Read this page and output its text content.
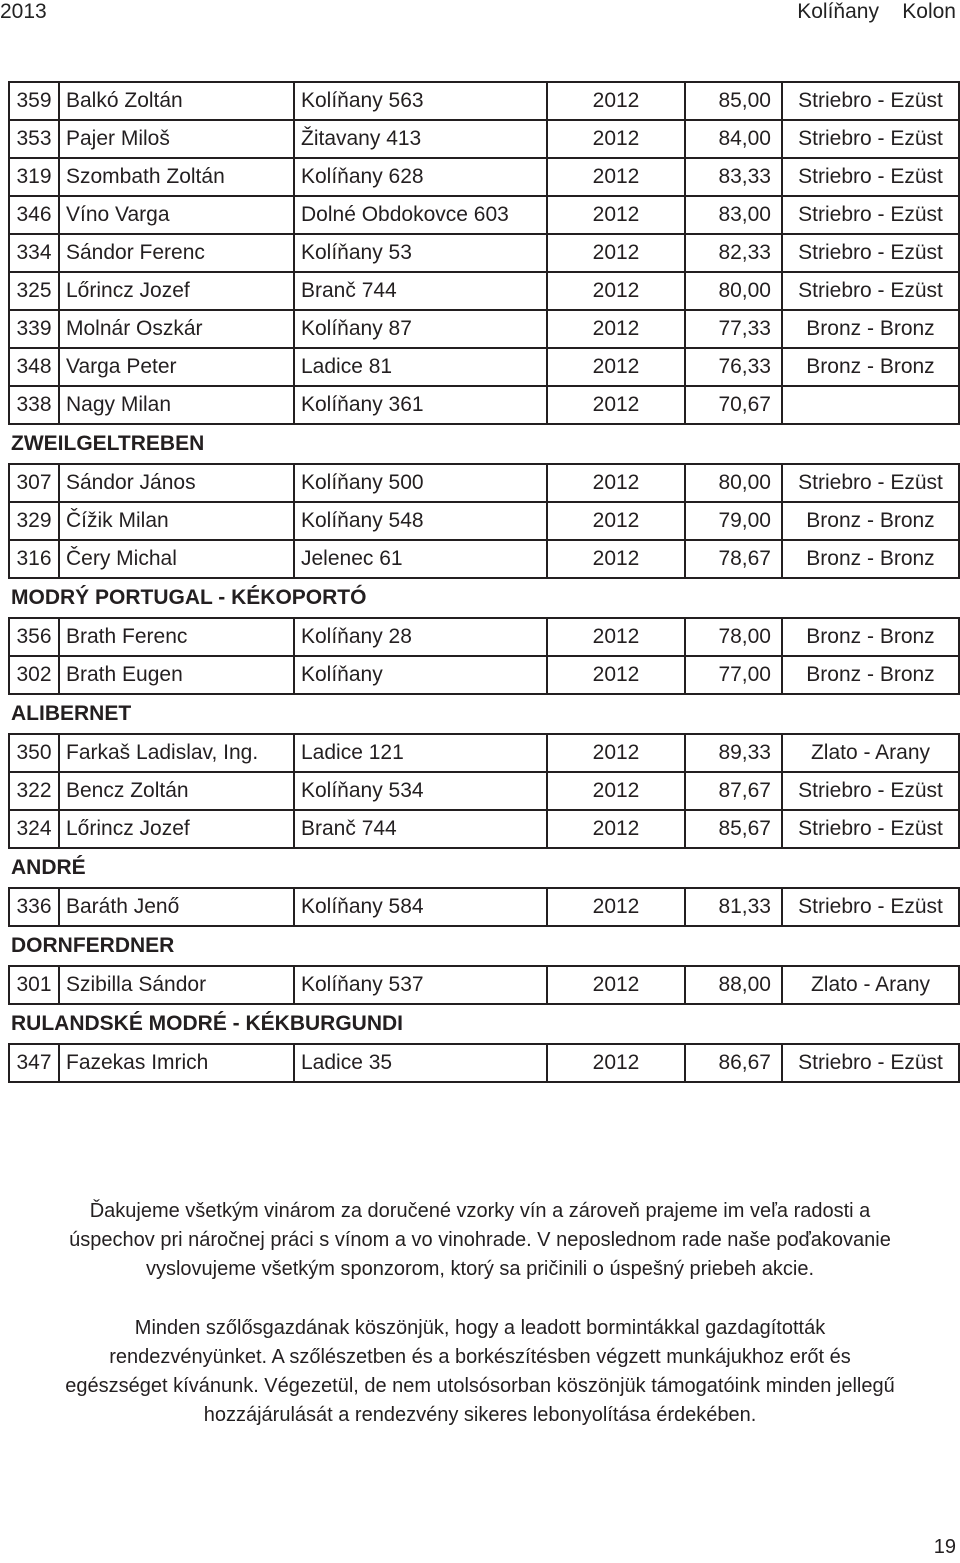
2013	Kolíňany    Kolon
359	Balkó Zoltán	Kolíňany 563	2012	85,00	Striebro - Ezüst
353	Pajer Miloš	Žitavany 413	2012	84,00	Striebro - Ezüst
319	Szombath Zoltán	Kolíňany 628	2012	83,33	Striebro - Ezüst
346	Víno Varga	Dolné Obdokovce 603	2012	83,00	Striebro - Ezüst
334	Sándor Ferenc	Kolíňany 53	2012	82,33	Striebro - Ezüst
325	Lőrincz Jozef	Branč 744	2012	80,00	Striebro - Ezüst
339	Molnár Oszkár	Kolíňany 87	2012	77,33	Bronz - Bronz
348	Varga Peter	Ladice 81	2012	76,33	Bronz - Bronz
338	Nagy Milan	Kolíňany 361	2012	70,67	
ZWEILGELTREBEN					
307	Sándor János	Kolíňany 500	2012	80,00	Striebro - Ezüst
329	Čížik Milan	Kolíňany 548	2012	79,00	Bronz - Bronz
316	Čery Michal	Jelenec 61	2012	78,67	Bronz - Bronz
MODRÝ PORTUGAL - KÉKOPORTÓ					
356	Brath Ferenc	Kolíňany 28	2012	78,00	Bronz - Bronz
302	Brath Eugen	Kolíňany	2012	77,00	Bronz - Bronz
ALIBERNET					
350	Farkaš Ladislav, Ing.	Ladice 121	2012	89,33	Zlato - Arany
322	Bencz Zoltán	Kolíňany 534	2012	87,67	Striebro - Ezüst
324	Lőrincz Jozef	Branč 744	2012	85,67	Striebro - Ezüst
ANDRÉ					
336	Baráth Jenő	Kolíňany 584	2012	81,33	Striebro - Ezüst
DORNFERDNER					
301	Szibilla Sándor	Kolíňany 537	2012	88,00	Zlato - Arany
RULANDSKÉ MODRÉ - KÉKBURGUNDI					
347	Fazekas Imrich	Ladice 35	2012	86,67	Striebro - Ezüst
Ďakujeme všetkým vinárom za doručené vzorky vín a zároveň prajeme im veľa radosti a
úspechov pri náročnej práci s vínom a vo vinohrade. V neposlednom rade naše poďakovanie
vyslovujeme všetkým sponzorom, ktorý sa pričinili o úspešný priebeh akcie.
Minden szőlősgazdának köszönjük, hogy a leadott bormintákkal gazdagították
rendezvényünket. A szőlészetben és a borkészítésben végzett munkájukhoz erőt és
egészséget kívánunk. Végezetül, de nem utolsósorban köszönjük támogatóink minden jellegű
hozzájárulását a rendezvény sikeres lebonyolítása érdekében.
19
